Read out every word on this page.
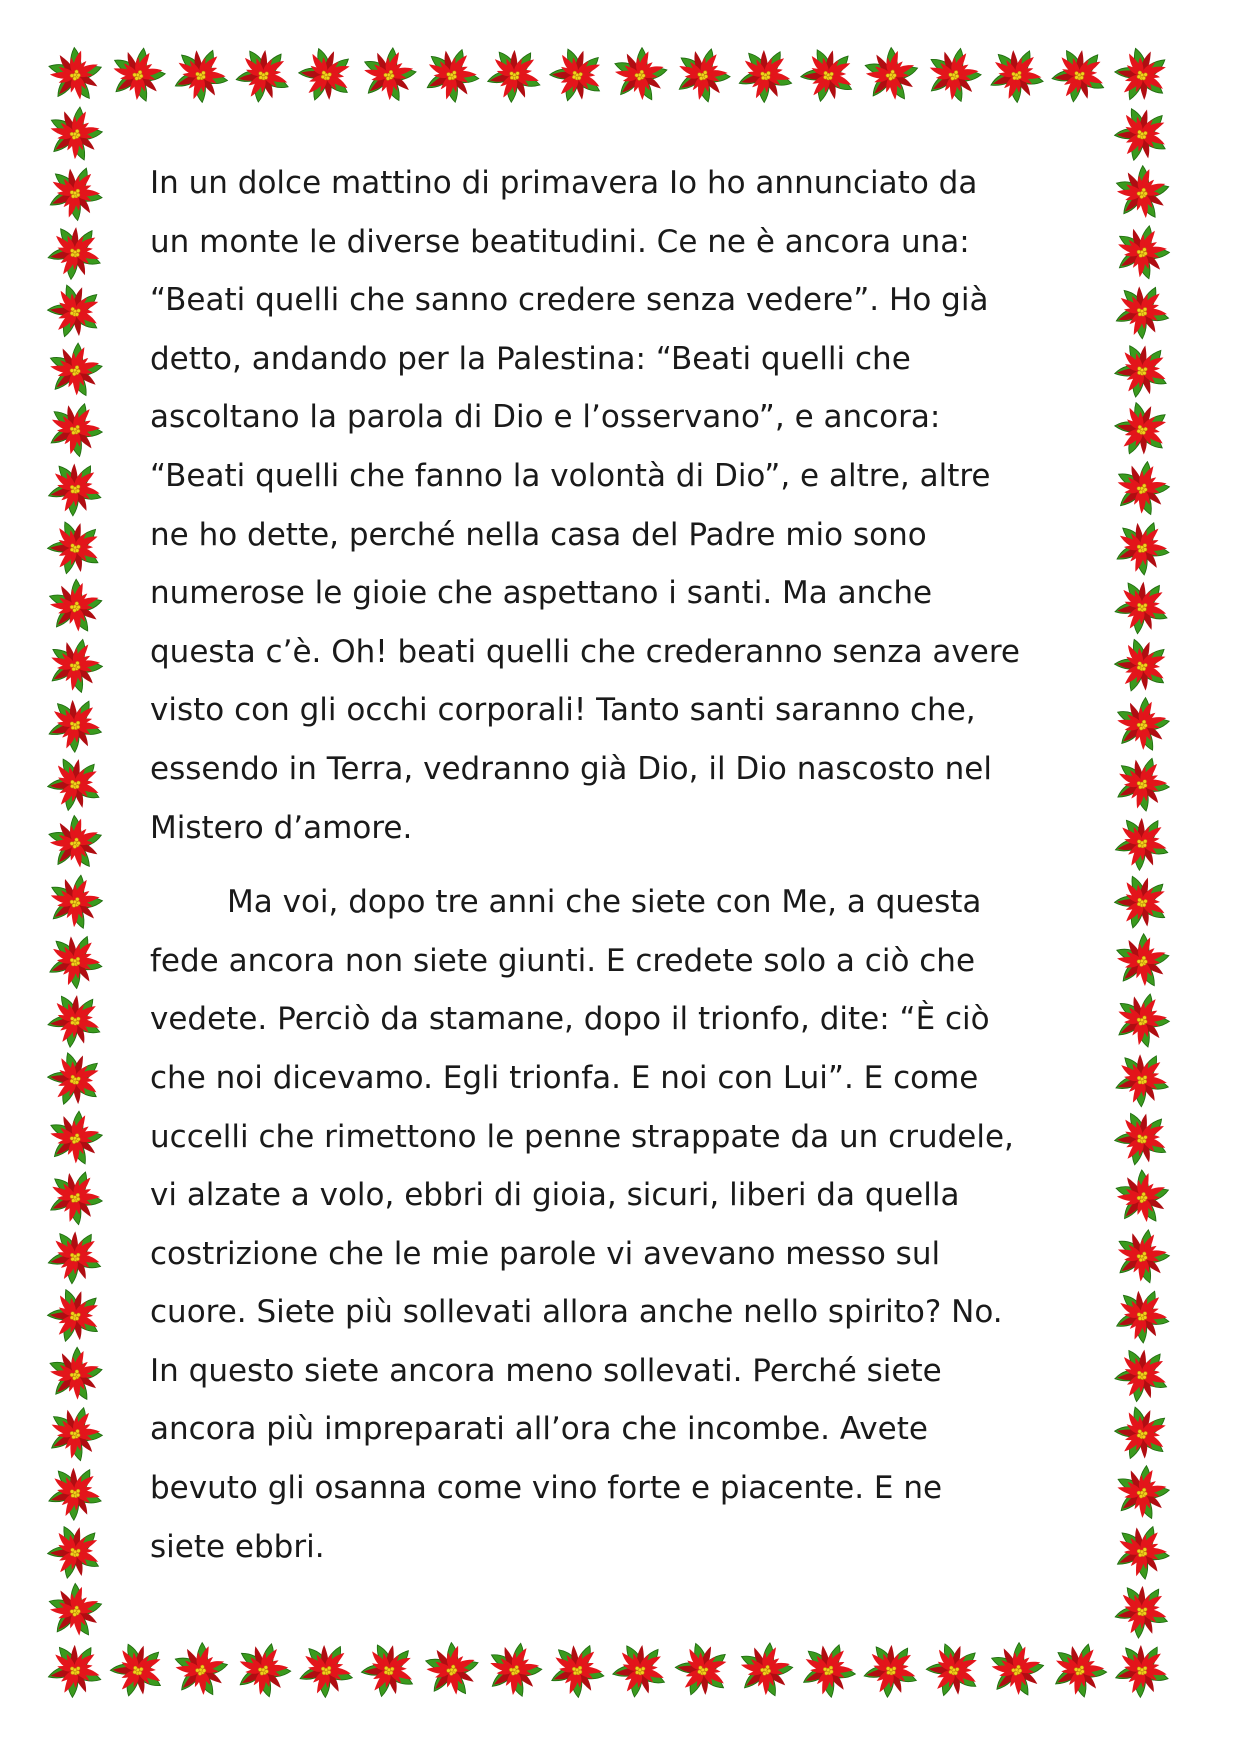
In un dolce mattino di primavera Io ho annunciato da
un monte le diverse beatitudini. Ce ne è ancora una:
“Beati quelli che sanno credere senza vedere”. Ho già
detto, andando per la Palestina: “Beati quelli che
ascoltano la parola di Dio e l’osservano”, e ancora:
“Beati quelli che fanno la volontà di Dio”, e altre, altre
ne ho dette, perché nella casa del Padre mio sono
numerose le gioie che aspettano i santi. Ma anche
questa c’è. Oh! beati quelli che crederanno senza avere
visto con gli occhi corporali! Tanto santi saranno che,
essendo in Terra, vedranno già Dio, il Dio nascosto nel
Mistero d’amore.
Ma voi, dopo tre anni che siete con Me, a questa
fede ancora non siete giunti. E credete solo a ciò che
vedete. Perciò da stamane, dopo il trionfo, dite: “È ciò
che noi dicevamo. Egli trionfa. E noi con Lui”. E come
uccelli che rimettono le penne strappate da un crudele,
vi alzate a volo, ebbri di gioia, sicuri, liberi da quella
costrizione che le mie parole vi avevano messo sul
cuore. Siete più sollevati allora anche nello spirito? No.
In questo siete ancora meno sollevati. Perché siete
ancora più impreparati all’ora che incombe. Avete
bevuto gli osanna come vino forte e piacente. E ne
siete ebbri.
